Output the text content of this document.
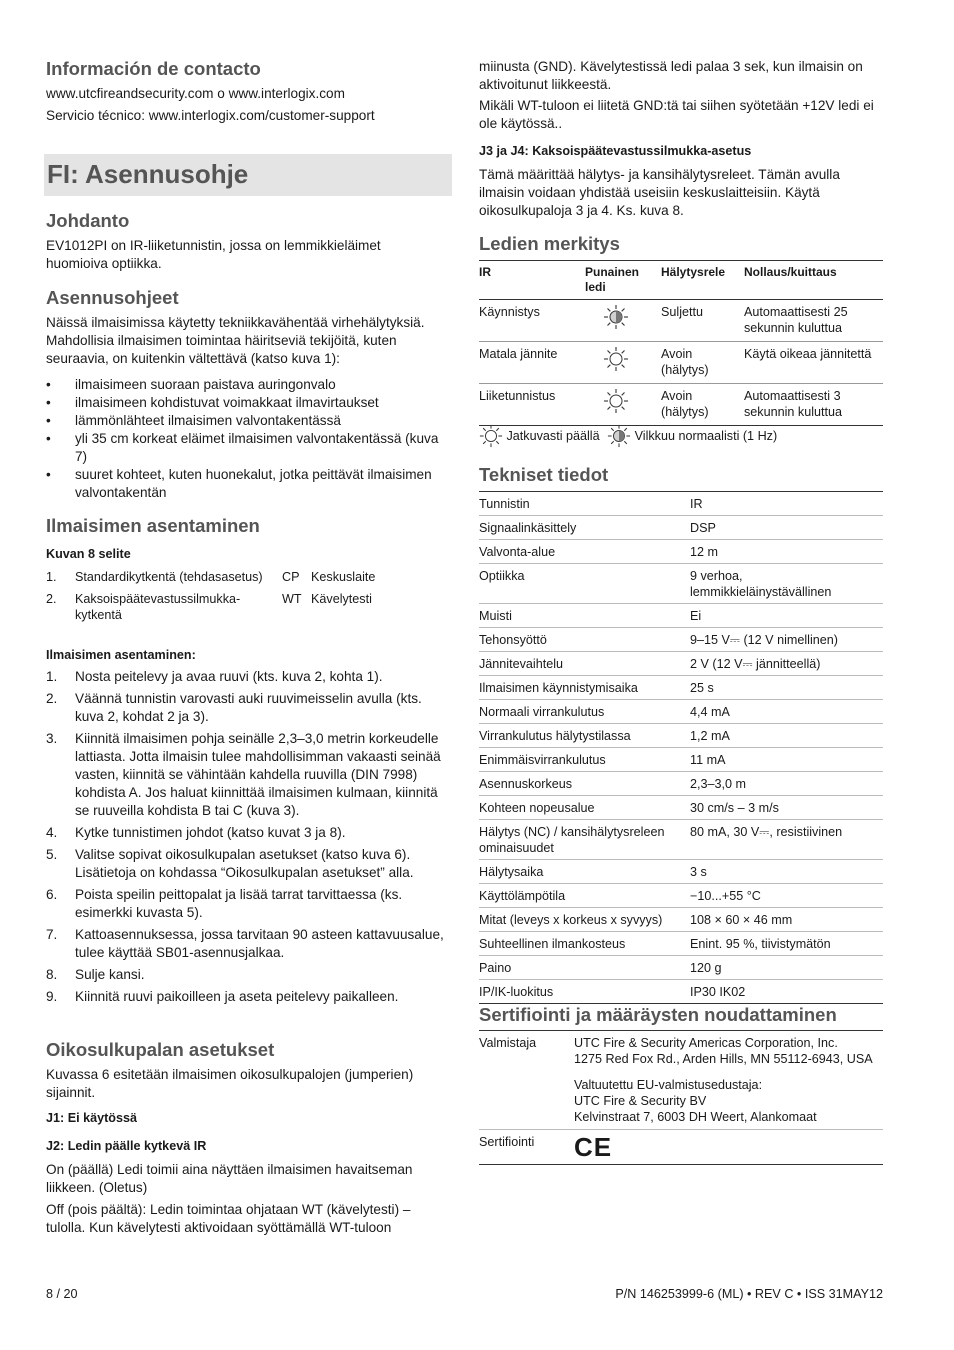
Información de contacto
www.utcfireandsecurity.com o www.interlogix.com
Servicio técnico: www.interlogix.com/customer-support
Johdanto
EV1012PI on IR-liiketunnistin, jossa on lemmikkieläimet huomioiva optiikka.
Asennusohjeet
Näissä ilmaisimissa käytetty tekniikkavähentää virhehälytyksiä. Mahdollisia ilmaisimen toimintaa häiritseviä tekijöitä, kuten seuraavia, on kuitenkin vältettävä (katso kuva 1):
• ilmaisimeen suoraan paistava auringonvalo
• ilmaisimeen kohdistuvat voimakkaat ilmavirtaukset
• lämmönlähteet ilmaisimen valvontakentässä
• yli 35 cm korkeat eläimet ilmaisimen valvontakentässä (kuva 7)
• suuret kohteet, kuten huonekalut, jotka peittävät ilmaisimen valvontakentän
Ilmaisimen asentaminen
Kuvan 8 selite
1.	Standardikytkentä (tehdasasetus)	CP	Keskuslaite
2.	Kaksoispäätevastussilmukka-kytkentä	WT	Kävelytesti
Ilmaisimen asentaminen:
1. Nosta peitelevy ja avaa ruuvi (kts. kuva 2, kohta 1).
2. Väännä tunnistin varovasti auki ruuvimeisselin avulla (kts. kuva 2, kohdat 2 ja 3).
3. Kiinnitä ilmaisimen pohja seinälle 2,3–3,0 metrin korkeudelle lattiasta. Jotta ilmaisin tulee mahdollisimman vakaasti seinää vasten, kiinnitä se vähintään kahdella ruuvilla (DIN 7998) kohdista A. Jos haluat kiinnittää ilmaisimen kulmaan, kiinnitä se ruuveilla kohdista B tai C (kuva 3).
4. Kytke tunnistimen johdot (katso kuvat 3 ja 8).
5. Valitse sopivat oikosulkupalan asetukset (katso kuva 6). Lisätietoja on kohdassa “Oikosulkupalan asetukset” alla.
6. Poista speilin peittopalat ja lisää tarrat tarvittaessa (ks. esimerkki kuvasta 5).
7. Kattoasennuksessa, jossa tarvitaan 90 asteen kattavuusalue, tulee käyttää SB01-asennusjalkaa.
8. Sulje kansi.
9. Kiinnitä ruuvi paikoilleen ja aseta peitelevy paikalleen.
Oikosulkupalan asetukset
Kuvassa 6 esitetään ilmaisimen oikosulkupalojen (jumperien) sijainnit.
J1: Ei käytössä
J2: Ledin päälle kytkevä IR
On (päällä) Ledi toimii aina näyttäen ilmaisimen havaitseman liikkeen. (Oletus)
Off (pois päältä): Ledin toimintaa ohjataan WT (kävelytesti) –tulolla. Kun kävelytesti aktivoidaan syöttämällä WT-tuloon
FI: Asennusohje
miinusta (GND). Kävelytestissä ledi palaa 3 sek, kun ilmaisin on aktivoitunut liikkeestä.
Mikäli WT-tuloon ei liitetä GND:tä tai siihen syötetään +12V ledi ei ole käytössä..
J3 ja J4: Kaksoispäätevastussilmukka-asetus
Tämä määrittää hälytys- ja kansihälytysreleet. Tämän avulla ilmaisin voidaan yhdistää useisiin keskuslaitteisiin. Käytä oikosulkupaloja 3 ja 4. Ks. kuva 8.
Ledien merkitys
IR	Punainen ledi	Hälytysrele	Nollaus/kuittaus
Käynnistys		Suljettu	Automaattisesti 25 sekunnin kuluttua
Matala jännite		Avoin (hälytys)	Käytä oikeaa jännitettä
Liiketunnistus		Avoin (hälytys)	Automaattisesti 3 sekunnin kuluttua
Jatkuvasti päällä	Vilkkuu normaalisti (1 Hz)
Tekniset tiedot
Tunnistin	IR
Signaalinkäsittely	DSP
Valvonta-alue	12 m
Optiikka	9 verhoa, lemmikkieläinystävällinen
Muisti	Ei
Tehonsyöttö	9–15 V⎓ (12 V nimellinen)
Jännitevaihtelu	2 V (12 V⎓ jännitteellä)
Ilmaisimen käynnistymisaika	25 s
Normaali virrankulutus	4,4 mA
Virrankulutus hälytystilassa	1,2 mA
Enimmäisvirrankulutus	11 mA
Asennuskorkeus	2,3–3,0 m
Kohteen nopeusalue	30 cm/s – 3 m/s
Hälytys (NC) / kansihälytysreleen ominaisuudet	80 mA, 30 V⎓, resistiivinen
Hälytysaika	3 s
Käyttölämpötila	−10...+55 °C
Mitat (leveys x korkeus x syvyys)	108 × 60 × 46 mm
Suhteellinen ilmankosteus	Enint. 95 %, tiivistymätön
Paino	120 g
IP/IK-luokitus	IP30 IK02
Sertifiointi ja määräysten noudattaminen
Valmistaja	UTC Fire & Security Americas Corporation, Inc.
1275 Red Fox Rd., Arden Hills, MN 55112-6943, USA

	Valtuutettu EU-valmistusedustaja:
UTC Fire & Security BV
Kelvinstraat 7, 6003 DH Weert, Alankomaat

Sertifiointi	CE
8 / 20	P/N 146253999-6 (ML) • REV C • ISS 31MAY12
